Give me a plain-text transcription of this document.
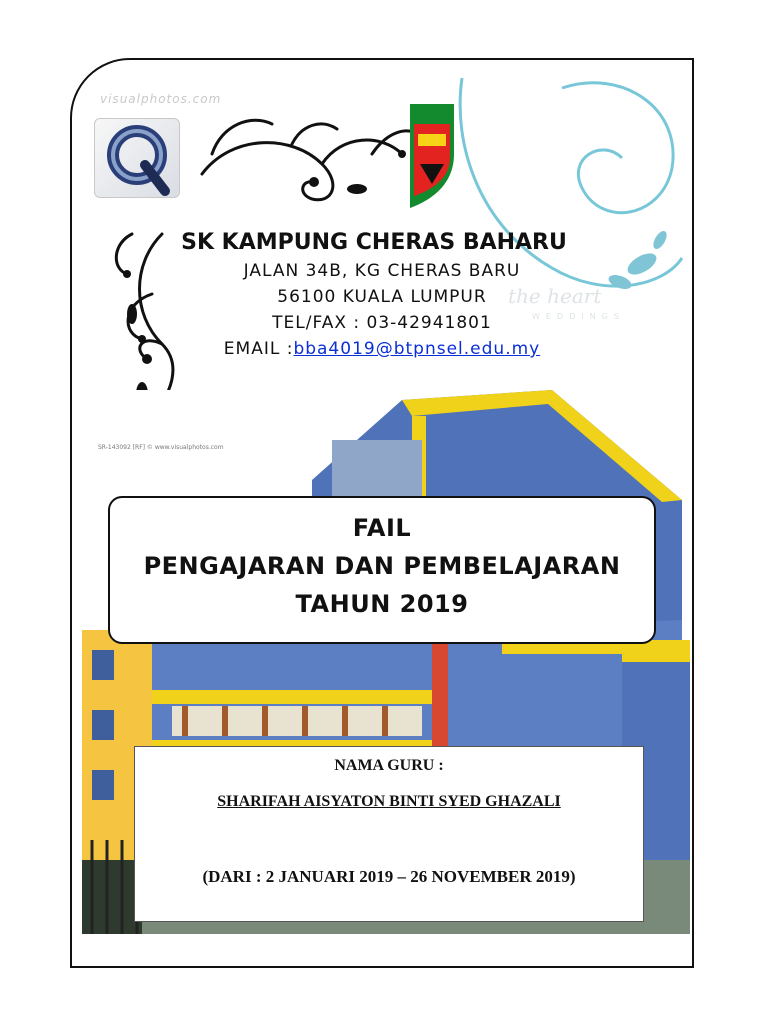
visualphotos.com
the heart
WEDDINGS
SK KAMPUNG CHERAS BAHARU
JALAN 34B, KG CHERAS BARU
56100 KUALA LUMPUR
TEL/FAX : 03-42941801
EMAIL :bba4019@btpnsel.edu.my
FAIL
PENGAJARAN DAN PEMBELAJARAN
TAHUN 2019
NAMA GURU :
SHARIFAH AISYATON BINTI SYED GHAZALI
(DARI : 2 JANUARI 2019 – 26 NOVEMBER 2019)
SR-143092 [RF] © www.visualphotos.com
